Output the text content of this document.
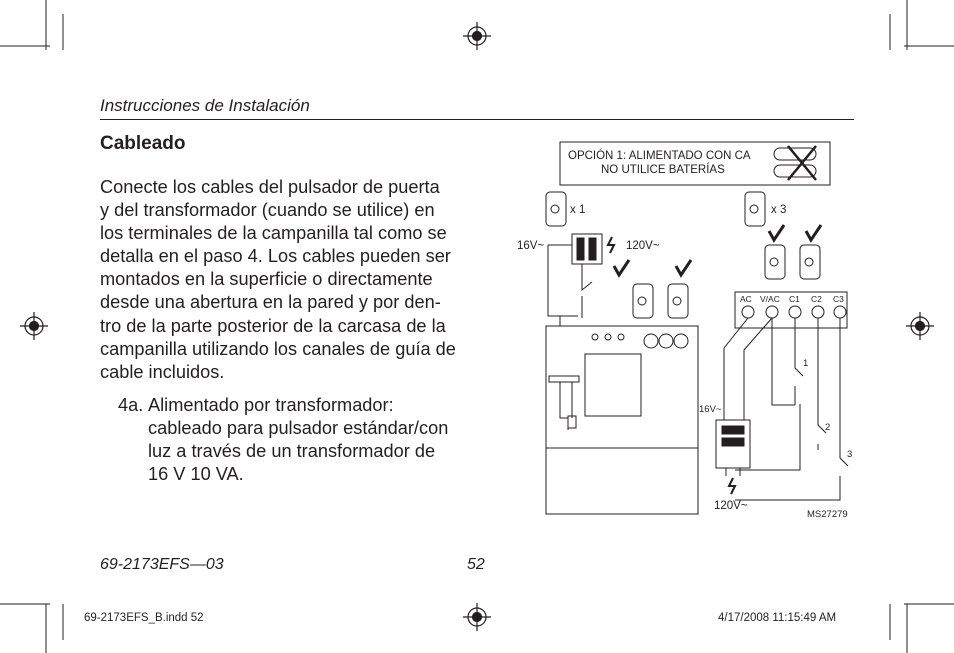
OPCIÓN 1: ALIMENTADO CON CA
NO UTILICE BATERÍAS
x 1	x 3
16V~	120V~
16V~
120V~
AC V/AC C1 C2 C3
1
2
3
MS27279
Instrucciones de Instalación
Cableado
Conecte los cables del pulsador de puerta
y del transformador (cuando se utilice) en
los terminales de la campanilla tal como se
detalla en el paso 4. Los cables pueden ser
montados en la superficie o directamente
desde una abertura en la pared y por den-
tro de la parte posterior de la carcasa de la
campanilla utilizando los canales de guía de
cable incluidos.
4a. Alimentado por transformador:
cableado para pulsador estándar/con
luz a través de un transformador de
16 V 10 VA.
69-2173EFS—03	52
69-2173EFS_B.indd 52	4/17/2008 11:15:49 AM
